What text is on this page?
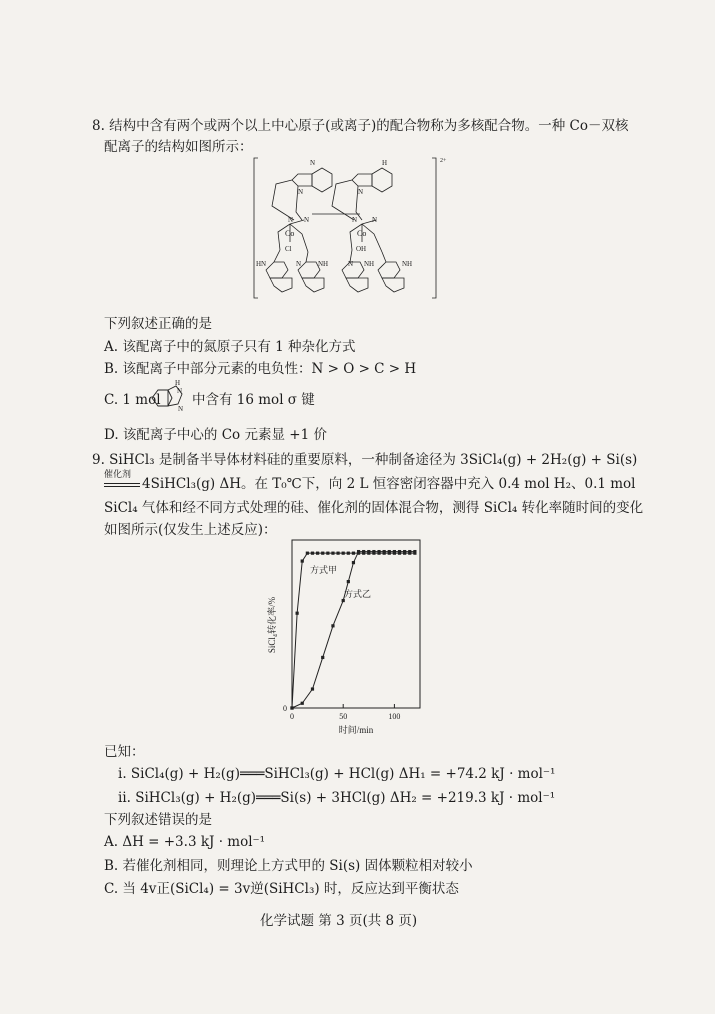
8. 结构中含有两个或两个以上中心原子(或离子)的配合物称为多核配合物。一种 Co－双核
配离子的结构如图所示：
N	H
N	N
N N	N N
Co	Co
Cl	OH
HN	N NH	N NH	NH
2+
下列叙述正确的是
A. 该配离子中的氮原子只有 1 种杂化方式
B. 该配离子中部分元素的电负性：N > O > C > H
C. 1 mol
H
N
N
中含有 16 mol σ 键
D. 该配离子中心的 Co 元素显 +1 价
9. SiHCl₃ 是制备半导体材料硅的重要原料，一种制备途径为 3SiCl₄(g) + 2H₂(g) + Si(s)
催化剂
4SiHCl₃(g) ΔH。在 T₀℃下，向 2 L 恒容密闭容器中充入 0.4 mol H₂、0.1 mol
SiCl₄ 气体和经不同方式处理的硅、催化剂的固体混合物，测得 SiCl₄ 转化率随时间的变化
如图所示(仅发生上述反应)：
SiCl₄转化率/%
时间/min
0	50	100
0
方式甲
方式乙
已知：
ⅰ. SiCl₄(g) + H₂(g)═══SiHCl₃(g) + HCl(g) ΔH₁ = +74.2 kJ · mol⁻¹
ⅱ. SiHCl₃(g) + H₂(g)═══Si(s) + 3HCl(g) ΔH₂ = +219.3 kJ · mol⁻¹
下列叙述错误的是
A. ΔH = +3.3 kJ · mol⁻¹
B. 若催化剂相同，则理论上方式甲的 Si(s) 固体颗粒相对较小
C. 当 4v正(SiCl₄) = 3v逆(SiHCl₃) 时，反应达到平衡状态
化学试题 第 3 页(共 8 页)
